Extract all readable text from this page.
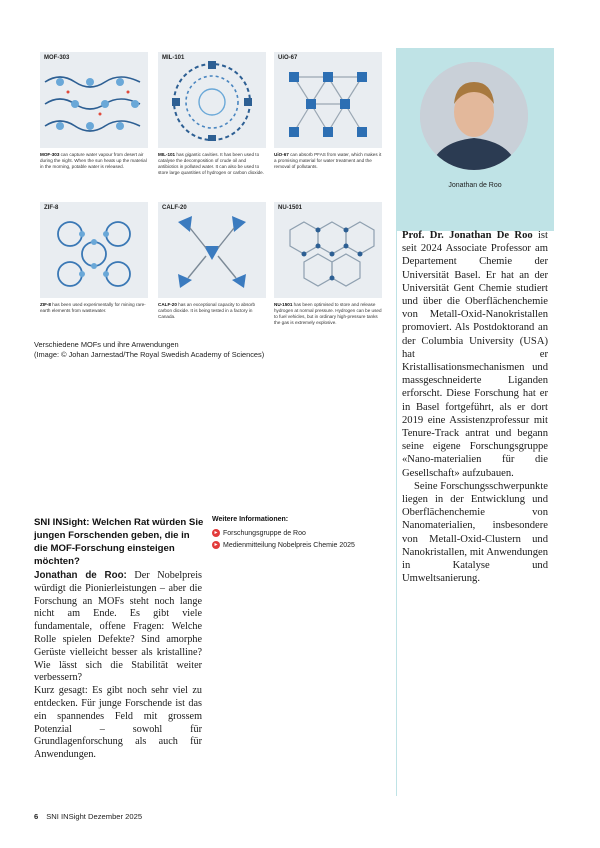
MOF-303
MOF-303 can capture water vapour from desert air during the night. When the sun heats up the material in the morning, potable water is released.
MIL-101
MIL-101 has gigantic cavities. It has been used to catalyse the decomposition of crude oil and antibiotics in polluted water. It can also be used to store large quantities of hydrogen or carbon dioxide.
UiO-67
UiO-67 can absorb PFAS from water, which makes it a promising material for water treatment and the removal of pollutants.
ZIF-8
ZIF-8 has been used experimentally for mining rare-earth elements from wastewater.
CALF-20
CALF-20 has an exceptional capacity to absorb carbon dioxide. It is being tested in a factory in Canada.
NU-1501
NU-1501 has been optimised to store and release hydrogen at normal pressure. Hydrogen can be used to fuel vehicles, but in ordinary high-pressure tanks the gas is extremely explosive.
Verschiedene MOFs und ihre Anwendungen
(Image: © Johan Jarnestad/The Royal Swedish Academy of Sciences)
Jonathan de Roo

Prof. Dr. Jonathan De Roo ist seit 2024 Associate Professor am Departement Chemie der Universität Basel. Er hat an der Universität Gent Chemie studiert und über die Oberflächenchemie von Metall-Oxid-Nanokristallen promoviert. Als Postdoktorand an der Columbia University (USA) hat er Kristallisationsmechanismen und massgeschneiderte Liganden erforscht. Diese Forschung hat er in Basel fortgeführt, als er dort 2019 eine Assistenzprofessur mit Tenure-Track antrat und begann seine eigene Forschungsgruppe «Nano-materialien für die Gesellschaft» aufzubauen.

Seine Forschungsschwerpunkte liegen in der Entwicklung und Oberflächenchemie von Nanomaterialien, insbesondere von Metall-Oxid-Clustern und Nanokristallen, mit Anwendungen in Katalyse und Umweltsanierung.

SNI INSight: Welchen Rat würden Sie jungen Forschenden geben, die in die MOF-Forschung einsteigen möchten?

Jonathan de Roo: Der Nobelpreis würdigt die Pionierleistungen – aber die Forschung an MOFs steht noch lange nicht am Ende. Es gibt viele fundamentale, offene Fragen: Welche Rolle spielen Defekte? Sind amorphe Gerüste vielleicht besser als kristalline? Wie lässt sich die Stabilität weiter verbessern?

Kurz gesagt: Es gibt noch sehr viel zu entdecken. Für junge Forschende ist das ein spannendes Feld mit grossem Potenzial – sowohl für Grundlagenforschung als auch für Anwendungen.

Weitere Informationen:
▸ Forschungsgruppe de Roo
▸ Medienmitteilung Nobelpreis Chemie 2025
6 SNI INSight Dezember 2025
